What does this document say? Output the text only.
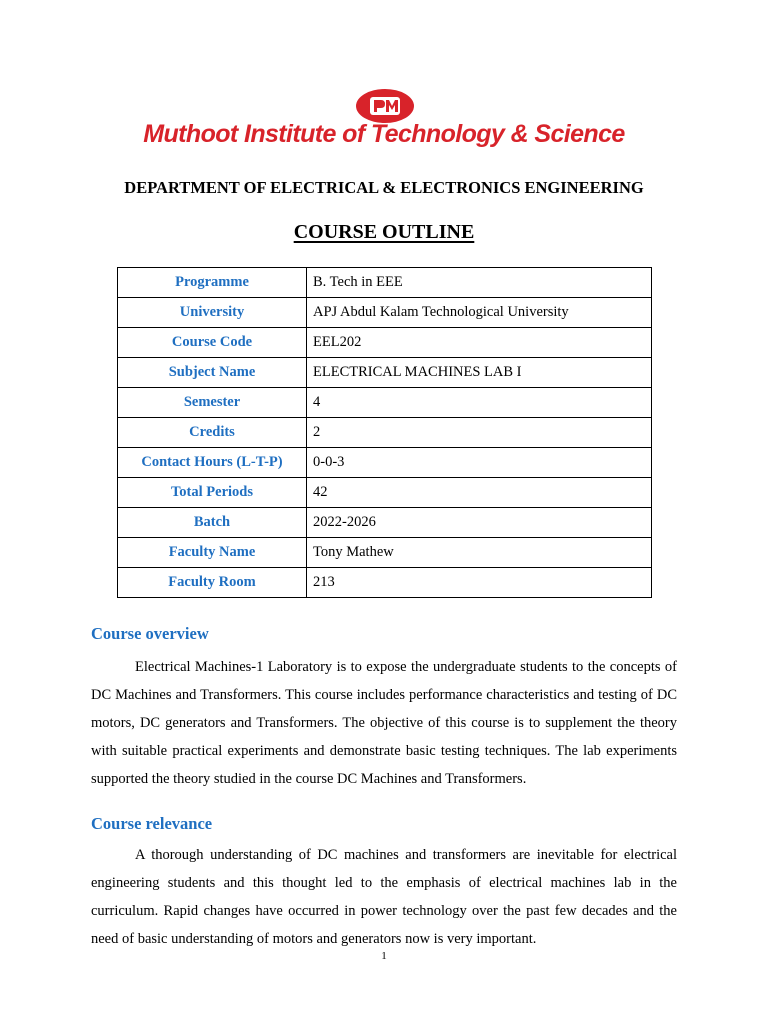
Muthoot Institute of Technology & Science
DEPARTMENT OF ELECTRICAL & ELECTRONICS ENGINEERING
COURSE OUTLINE
Programme	B. Tech in EEE
University	APJ Abdul Kalam Technological University
Course Code	EEL202
Subject Name	ELECTRICAL MACHINES LAB I
Semester	4
Credits	2
Contact Hours (L-T-P)	0-0-3
Total Periods	42
Batch	2022-2026
Faculty Name	Tony Mathew
Faculty Room	213
Course overview
Electrical Machines-1 Laboratory is to expose the undergraduate students to the concepts of DC Machines and Transformers. This course includes performance characteristics and testing of DC motors, DC generators and Transformers. The objective of this course is to supplement the theory with suitable practical experiments and demonstrate basic testing techniques. The lab experiments supported the theory studied in the course DC Machines and Transformers.
Course relevance
A thorough understanding of DC machines and transformers are inevitable for electrical engineering students and this thought led to the emphasis of electrical machines lab in the curriculum. Rapid changes have occurred in power technology over the past few decades and the need of basic understanding of motors and generators now is very important.
1
